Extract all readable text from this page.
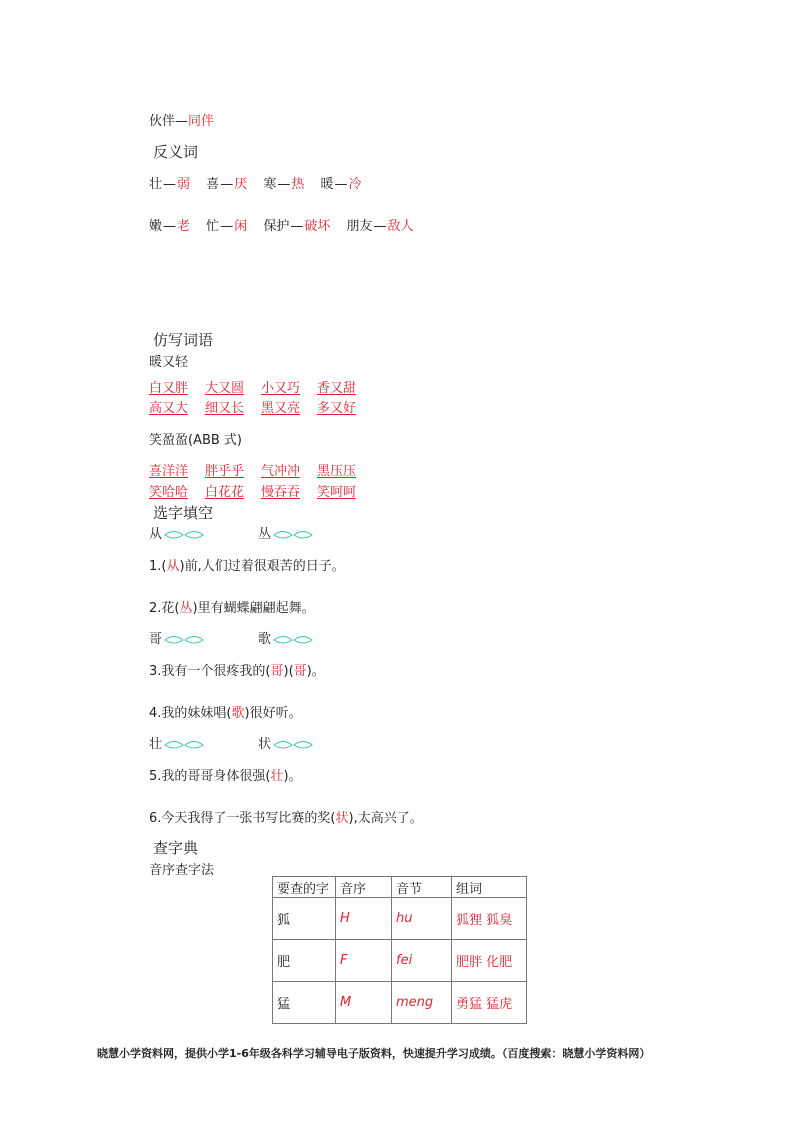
伙伴—同伴
反义词
壮—弱 喜—厌 寒—热 暖—冷
嫩—老 忙—闲 保护—破坏 朋友—敌人
仿写词语
暖又轻
白又胖 大又圆 小又巧 香又甜
高又大 细又长 黑又亮 多又好
笑盈盈(ABB 式)
喜洋洋 胖乎乎 气冲冲 黑压压
笑哈哈 白花花 慢吞吞 笑呵呵
选字填空
从	丛
1.(从)前,人们过着很艰苦的日子。
2.花(丛)里有蝴蝶翩翩起舞。
哥	歌
3.我有一个很疼我的(哥)(哥)。
4.我的妹妹唱(歌)很好听。
壮	状
5.我的哥哥身体很强(壮)。
6.今天我得了一张书写比赛的奖(状),太高兴了。
查字典
音序查字法
要查的字	音序	音节	组词
狐	H	hu	狐狸 狐臭
肥	F	fei	肥胖 化肥
猛	M	meng	勇猛 猛虎
晓慧小学资料网，提供小学1-6年级各科学习辅导电子版资料，快速提升学习成绩。（百度搜索：晓慧小学资料网）
